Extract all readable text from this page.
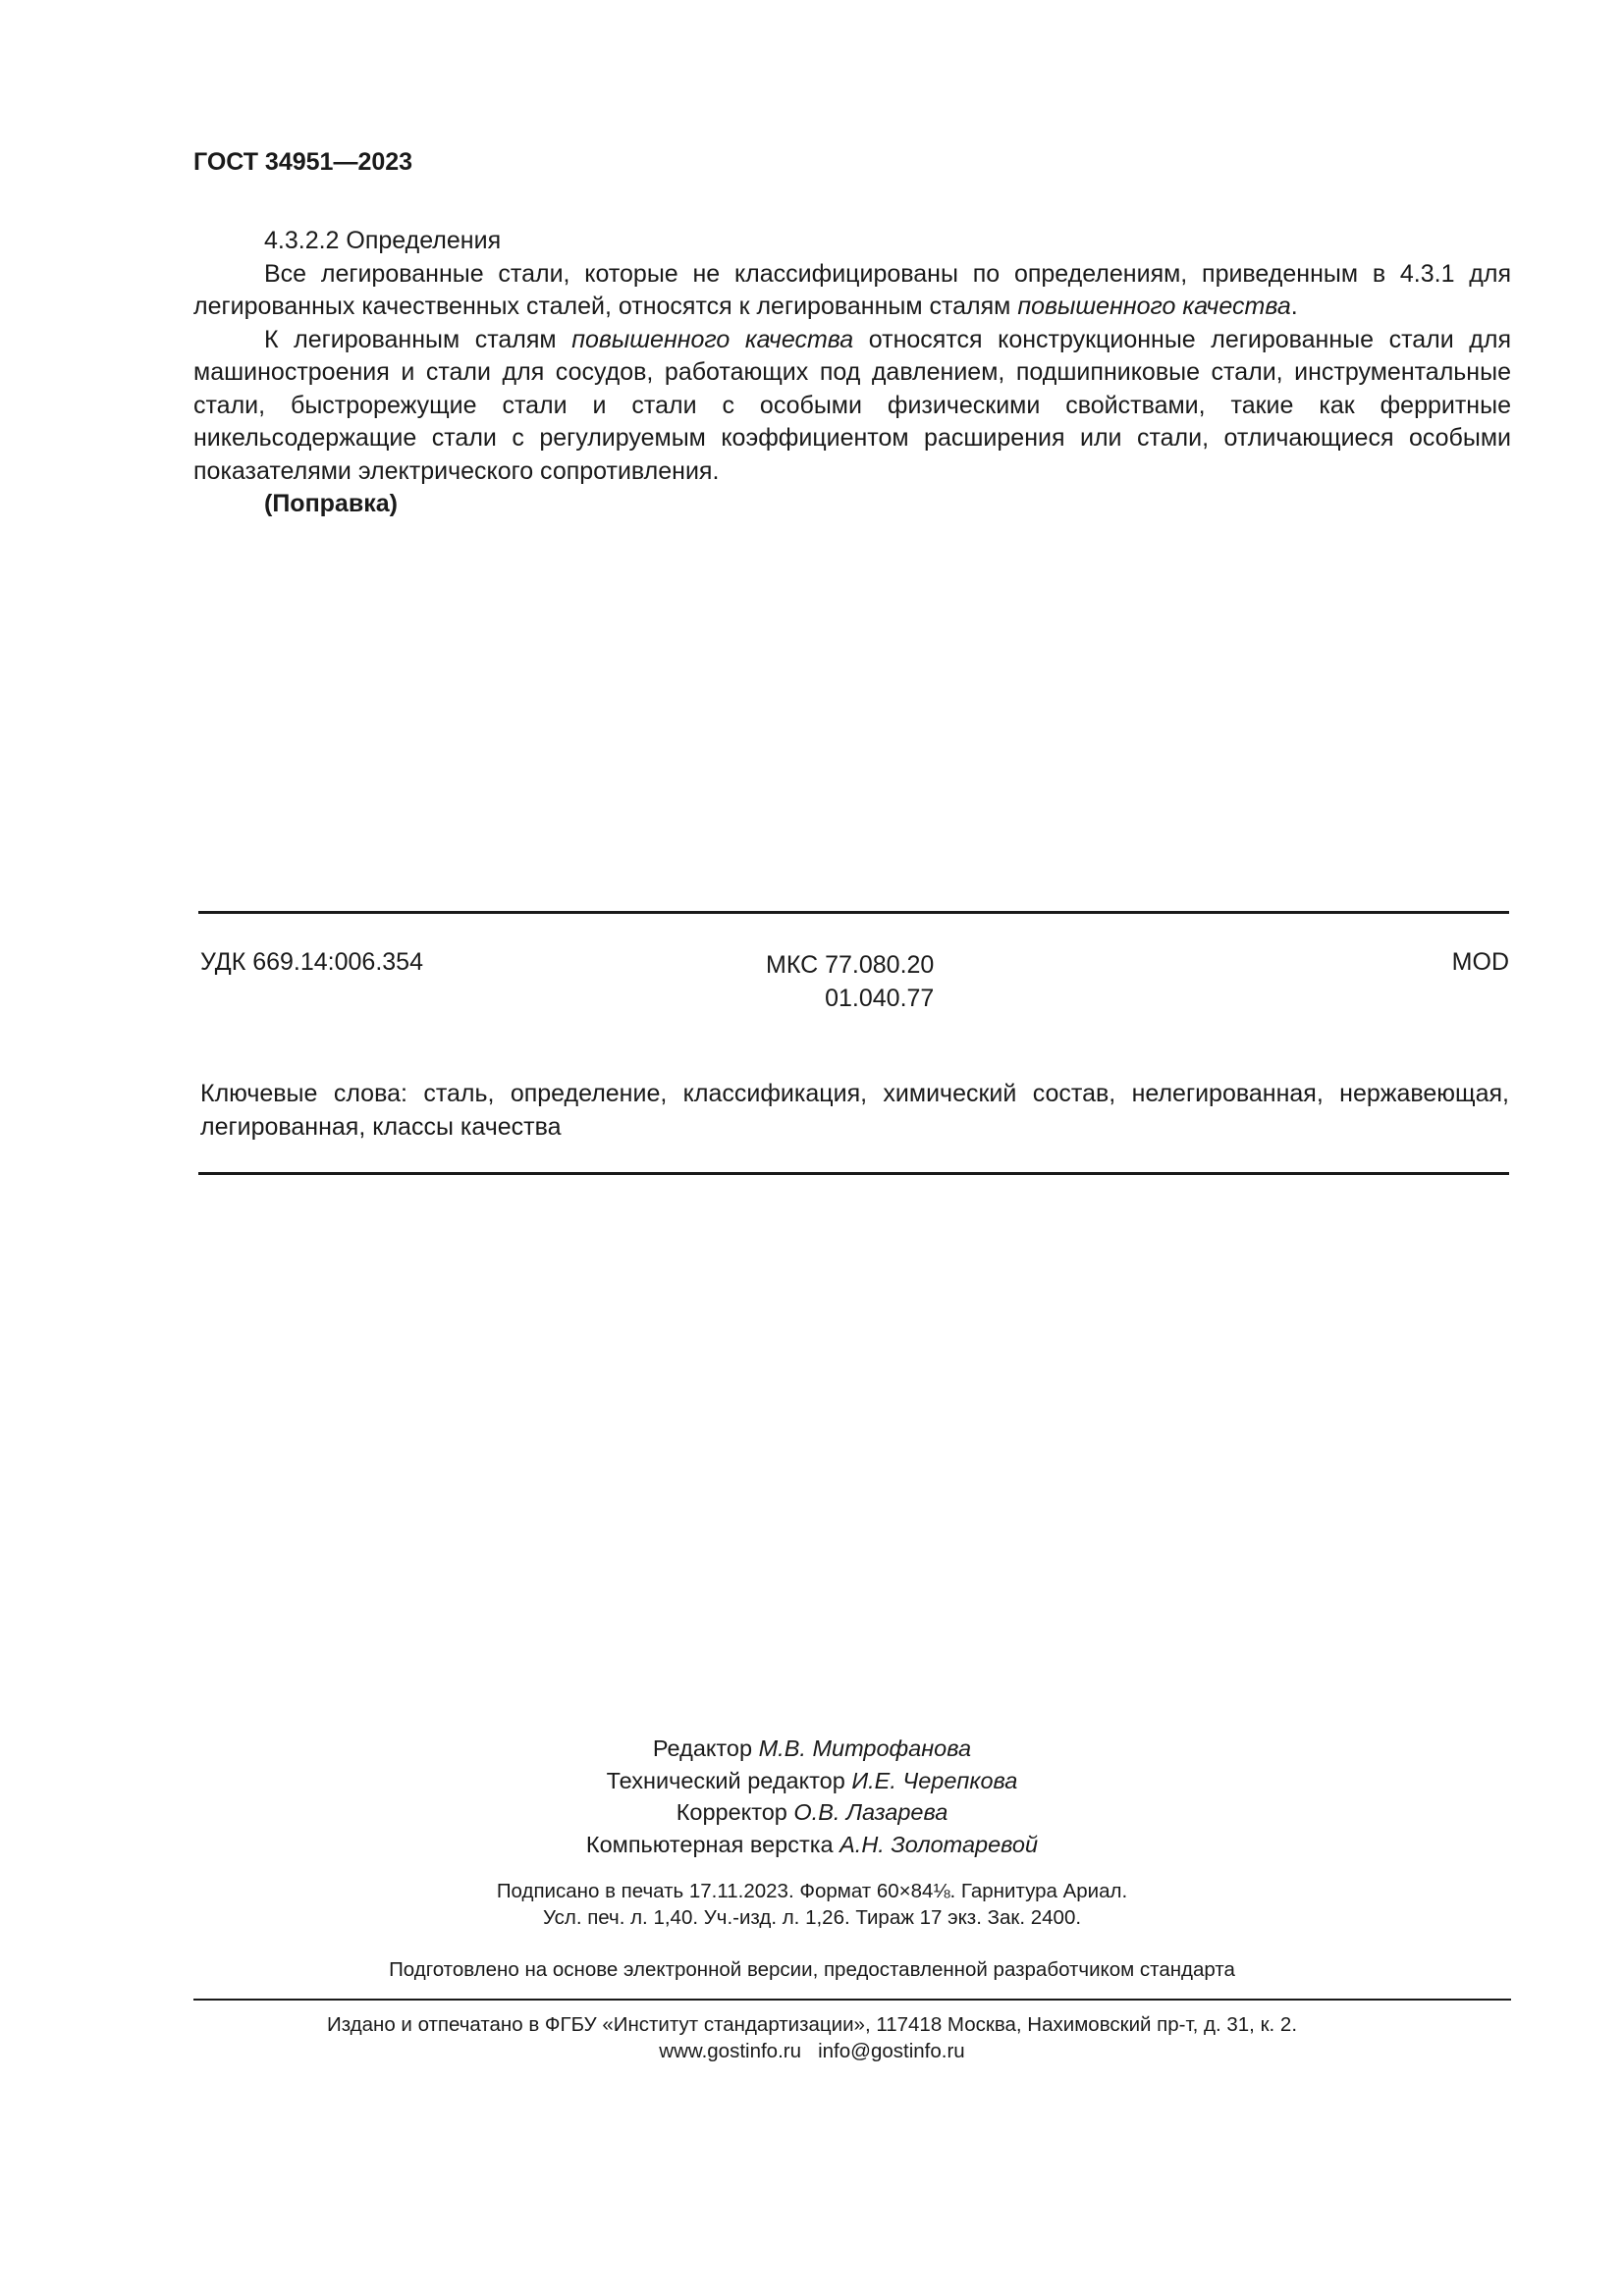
ГОСТ 34951—2023

4.3.2.2 Определения

Все легированные стали, которые не классифицированы по определениям, приведенным в 4.3.1 для легированных качественных сталей, относятся к легированным сталям повышенного качества.

К легированным сталям повышенного качества относятся конструкционные легированные стали для машиностроения и стали для сосудов, работающих под давлением, подшипниковые стали, инструментальные стали, быстрорежущие стали и стали с особыми физическими свойствами, такие как ферритные никельсодержащие стали с регулируемым коэффициентом расширения или стали, отличающиеся особыми показателями электрического сопротивления.

(Поправка)

УДК 669.14:006.354	МКС 77.080.20
01.040.77
MOD
Ключевые слова: сталь, определение, классификация, химический состав, нелегированная, нержавеющая, легированная, классы качества
Редактор М.В. Митрофанова
Технический редактор И.Е. Черепкова
Корректор О.В. Лазарева
Компьютерная верстка А.Н. Золотаревой
Подписано в печать 17.11.2023. Формат 60×84⅛. Гарнитура Ариал.
Усл. печ. л. 1,40. Уч.-изд. л. 1,26. Тираж 17 экз. Зак. 2400.
Подготовлено на основе электронной версии, предоставленной разработчиком стандарта
Издано и отпечатано в ФГБУ «Институт стандартизации», 117418 Москва, Нахимовский пр-т, д. 31, к. 2.
www.gostinfo.ru info@gostinfo.ru
